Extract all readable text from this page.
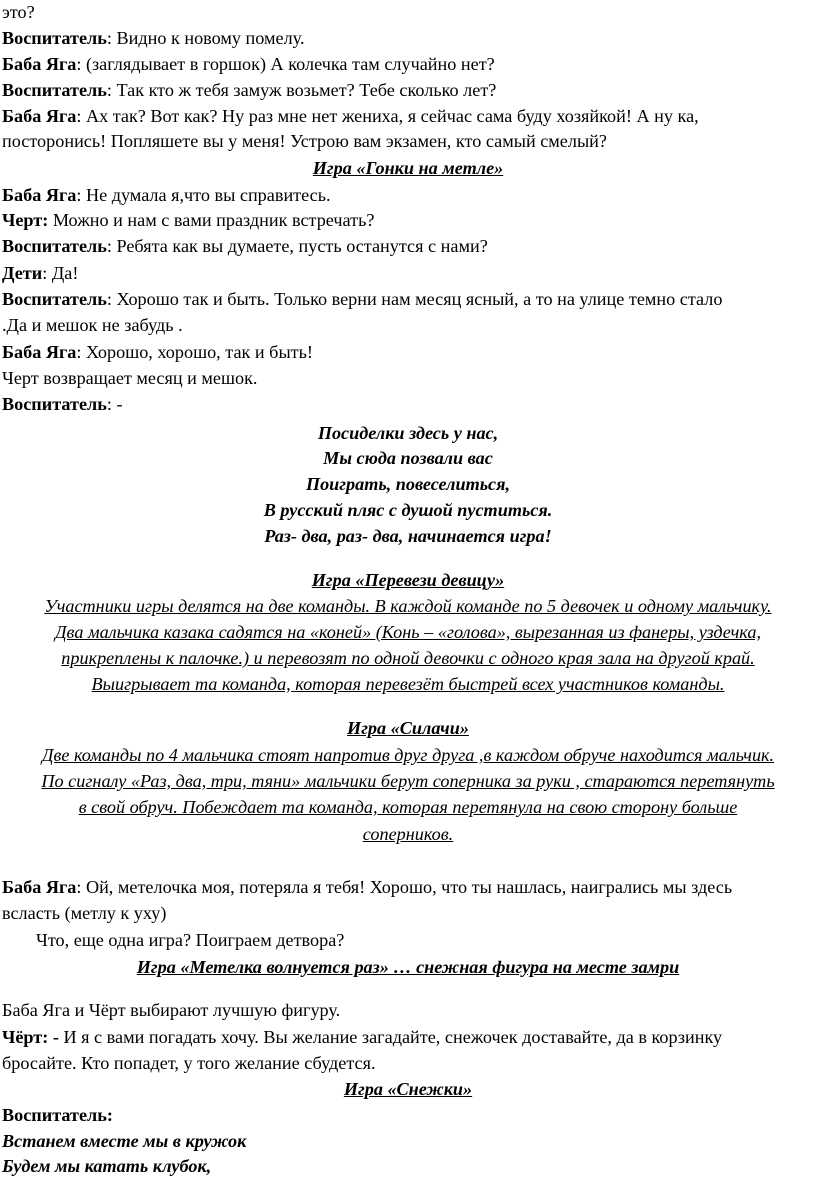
это?
Воспитатель: Видно к новому помелу.
Баба Яга: (заглядывает в горшок) А колечка там случайно нет?
Воспитатель: Так кто ж тебя замуж возьмет? Тебе сколько лет?
Баба Яга: Ах так? Вот как? Ну раз мне нет жениха, я сейчас сама буду хозяйкой! А ну ка,
посторонись! Попляшете вы у меня! Устрою вам экзамен, кто самый смелый?
Игра «Гонки на метле»
Баба Яга: Не думала я,что вы справитесь.
Черт: Можно и нам с вами праздник встречать?
Воспитатель: Ребята как вы думаете, пусть останутся с нами?
Дети: Да!
Воспитатель: Хорошо так и быть. Только верни нам месяц ясный, а то на улице темно стало
.Да и мешок не забудь .
Баба Яга: Хорошо, хорошо, так и быть!
Черт возвращает месяц и мешок.
Воспитатель: -
Посиделки здесь у нас,
Мы сюда позвали вас
Поиграть, повеселиться,
В русский пляс с душой пуститься.
Раз- два, раз- два, начинается игра!
Игра «Перевези девицу»
Участники игры делятся на две команды. В каждой команде по 5 девочек и одному мальчику.
Два мальчика казака садятся на «коней» (Конь – «голова», вырезанная из фанеры, уздечка,
прикреплены к палочке.) и перевозят по одной девочки с одного края зала на другой край.
Выигрывает та команда, которая перевезёт быстрей всех участников команды.
Игра «Силачи»
Две команды по 4 мальчика стоят напротив друг друга ,в каждом обруче находится мальчик.
По сигналу «Раз, два, три, тяни» мальчики берут соперника за руки , стараются перетянуть
в свой обруч. Побеждает та команда, которая перетянула на свою сторону больше
соперников.
Баба Яга: Ой, метелочка моя, потеряла я тебя! Хорошо, что ты нашлась, наигрались мы здесь
всласть (метлу к уху)
Что, еще одна игра? Поиграем детвора?
Игра «Метелка волнуется раз» … снежная фигура на месте замри
Баба Яга и Чёрт выбирают лучшую фигуру.
Чёрт: - И я с вами погадать хочу. Вы желание загадайте, снежочек доставайте, да в корзинку
бросайте. Кто попадет, у того желание сбудется.
Игра «Снежки»
Воспитатель:
Встанем вместе мы в кружок
Будем мы катать клубок,
